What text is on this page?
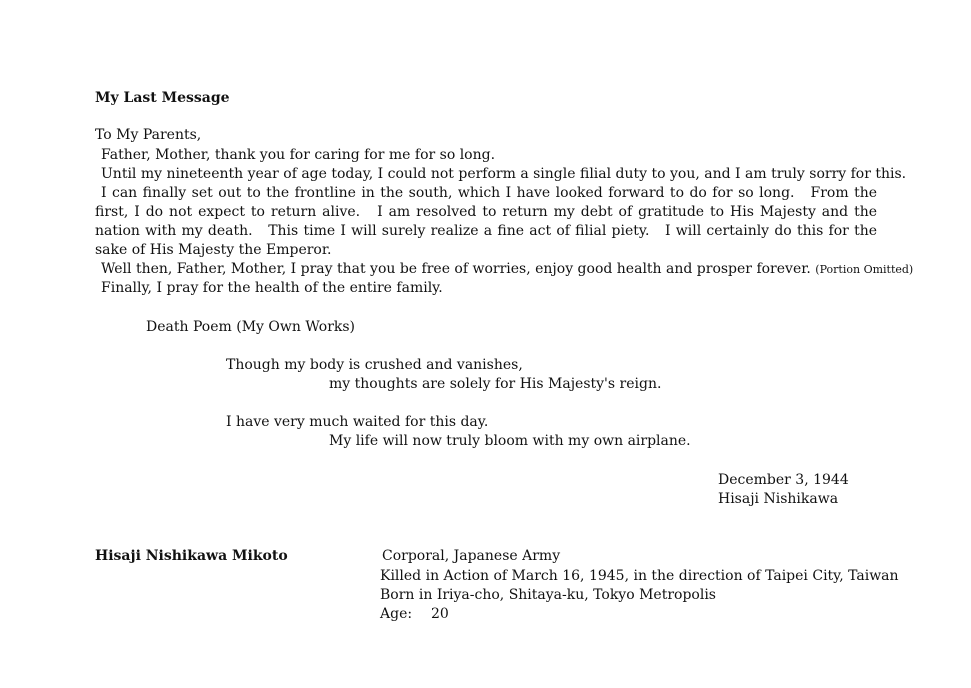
My Last Message
To My Parents,
Father, Mother, thank you for caring for me for so long.
Until my nineteenth year of age today, I could not perform a single filial duty to you, and I am truly sorry for this.

I can finally set out to the frontline in the south, which I have looked forward to do for so long.　From the first, I do not expect to return alive.　I am resolved to return my debt of gratitude to His Majesty and the nation with my death.　This time I will surely realize a fine act of filial piety.　I will certainly do this for the sake of His Majesty the Emperor.

Well then, Father, Mother, I pray that you be free of worries, enjoy good health and prosper forever. (Portion Omitted)
Finally, I pray for the health of the entire family.
Death Poem (My Own Works)
Though my body is crushed and vanishes,
my thoughts are solely for His Majesty's reign.
I have very much waited for this day.
My life will now truly bloom with my own airplane.
December 3, 1944
Hisaji Nishikawa
Hisaji Nishikawa Mikoto	Corporal, Japanese Army
Killed in Action of March 16, 1945, in the direction of Taipei City, Taiwan
Born in Iriya-cho, Shitaya-ku, Tokyo Metropolis
Age: 20
